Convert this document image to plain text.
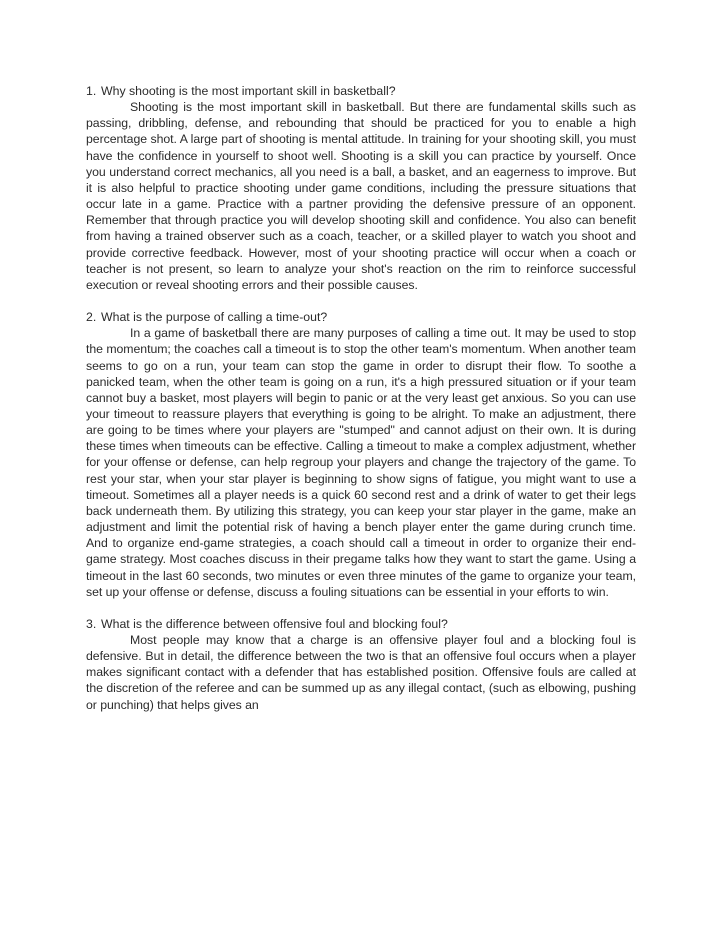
1. Why shooting is the most important skill in basketball?

Shooting is the most important skill in basketball. But there are fundamental skills such as passing, dribbling, defense, and rebounding that should be practiced for you to enable a high percentage shot. A large part of shooting is mental attitude. In training for your shooting skill, you must have the confidence in yourself to shoot well. Shooting is a skill you can practice by yourself. Once you understand correct mechanics, all you need is a ball, a basket, and an eagerness to improve. But it is also helpful to practice shooting under game conditions, including the pressure situations that occur late in a game. Practice with a partner providing the defensive pressure of an opponent. Remember that through practice you will develop shooting skill and confidence. You also can benefit from having a trained observer such as a coach, teacher, or a skilled player to watch you shoot and provide corrective feedback. However, most of your shooting practice will occur when a coach or teacher is not present, so learn to analyze your shot's reaction on the rim to reinforce successful execution or reveal shooting errors and their possible causes.

2. What is the purpose of calling a time-out?

In a game of basketball there are many purposes of calling a time out. It may be used to stop the momentum; the coaches call a timeout is to stop the other team's momentum. When another team seems to go on a run, your team can stop the game in order to disrupt their flow. To soothe a panicked team, when the other team is going on a run, it's a high pressured situation or if your team cannot buy a basket, most players will begin to panic or at the very least get anxious. So you can use your timeout to reassure players that everything is going to be alright. To make an adjustment, there are going to be times where your players are "stumped" and cannot adjust on their own. It is during these times when timeouts can be effective. Calling a timeout to make a complex adjustment, whether for your offense or defense, can help regroup your players and change the trajectory of the game. To rest your star, when your star player is beginning to show signs of fatigue, you might want to use a timeout. Sometimes all a player needs is a quick 60 second rest and a drink of water to get their legs back underneath them. By utilizing this strategy, you can keep your star player in the game, make an adjustment and limit the potential risk of having a bench player enter the game during crunch time. And to organize end-game strategies, a coach should call a timeout in order to organize their end-game strategy. Most coaches discuss in their pregame talks how they want to start the game. Using a timeout in the last 60 seconds, two minutes or even three minutes of the game to organize your team, set up your offense or defense, discuss a fouling situations can be essential in your efforts to win.

3. What is the difference between offensive foul and blocking foul?

Most people may know that a charge is an offensive player foul and a blocking foul is defensive. But in detail, the difference between the two is that an offensive foul occurs when a player makes significant contact with a defender that has established position. Offensive fouls are called at the discretion of the referee and can be summed up as any illegal contact, (such as elbowing, pushing or punching) that helps gives an
